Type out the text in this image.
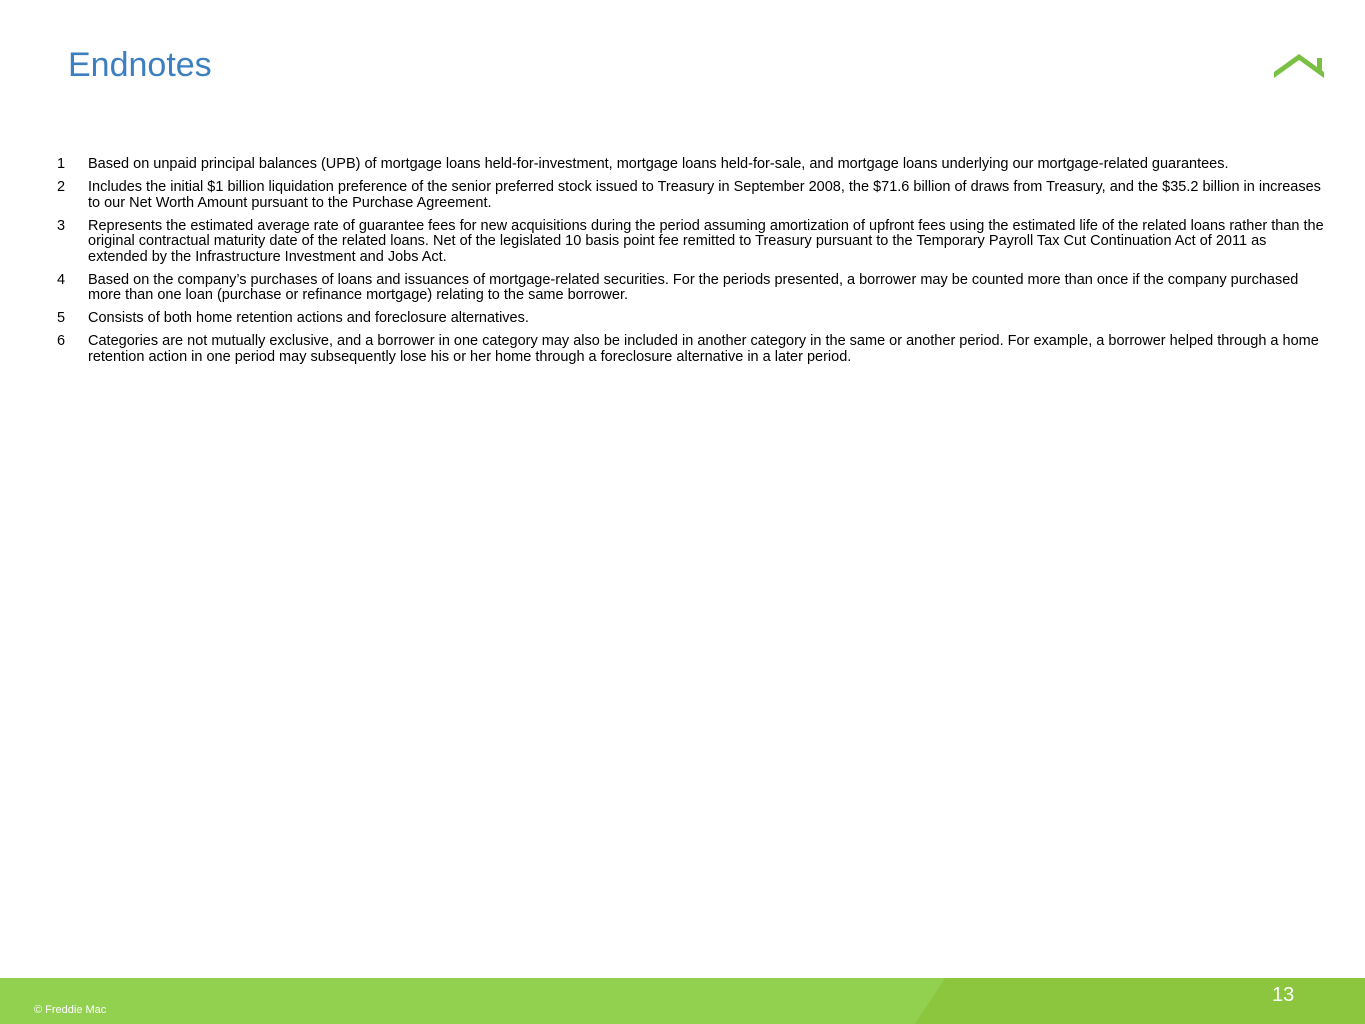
Endnotes
1 Based on unpaid principal balances (UPB) of mortgage loans held-for-investment, mortgage loans held-for-sale, and mortgage loans underlying our mortgage-related guarantees.
2 Includes the initial $1 billion liquidation preference of the senior preferred stock issued to Treasury in September 2008, the $71.6 billion of draws from Treasury, and the $35.2 billion in increases to our Net Worth Amount pursuant to the Purchase Agreement.
3 Represents the estimated average rate of guarantee fees for new acquisitions during the period assuming amortization of upfront fees using the estimated life of the related loans rather than the original contractual maturity date of the related loans. Net of the legislated 10 basis point fee remitted to Treasury pursuant to the Temporary Payroll Tax Cut Continuation Act of 2011 as extended by the Infrastructure Investment and Jobs Act.
4 Based on the company’s purchases of loans and issuances of mortgage-related securities. For the periods presented, a borrower may be counted more than once if the company purchased more than one loan (purchase or refinance mortgage) relating to the same borrower.
5 Consists of both home retention actions and foreclosure alternatives.
6 Categories are not mutually exclusive, and a borrower in one category may also be included in another category in the same or another period. For example, a borrower helped through a home retention action in one period may subsequently lose his or her home through a foreclosure alternative in a later period.
© Freddie Mac
13
